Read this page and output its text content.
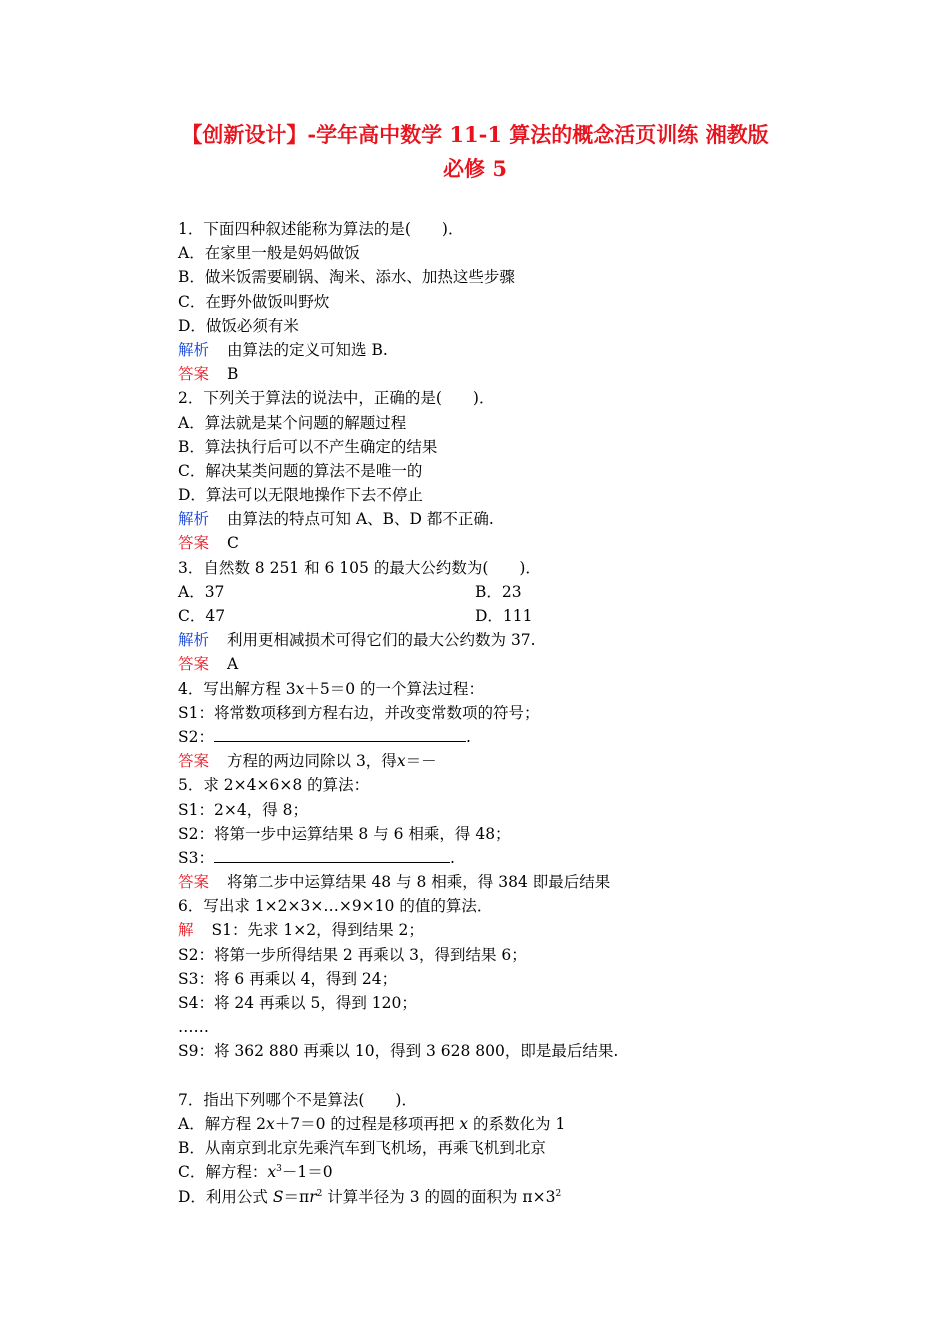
【创新设计】-学年高中数学 11-1 算法的概念活页训练 湘教版
必修 5
1．下面四种叙述能称为算法的是(　　)．
A．在家里一般是妈妈做饭
B．做米饭需要刷锅、淘米、添水、加热这些步骤
C．在野外做饭叫野炊
D．做饭必须有米
解析 由算法的定义可知选 B.
答案 B
2．下列关于算法的说法中，正确的是(　　)．
A．算法就是某个问题的解题过程
B．算法执行后可以不产生确定的结果
C．解决某类问题的算法不是唯一的
D．算法可以无限地操作下去不停止
解析 由算法的特点可知 A、B、D 都不正确.
答案 C
3．自然数 8 251 和 6 105 的最大公约数为(　　)．
A．37	B．23
C．47	D．111
解析 利用更相减损术可得它们的最大公约数为 37.
答案 A
4．写出解方程 3x＋5＝0 的一个算法过程：
S1：将常数项移到方程右边，并改变常数项的符号；
S2：	.
答案 方程的两边同除以 3，得x＝－
5．求 2×4×6×8 的算法：
S1：2×4，得 8；
S2：将第一步中运算结果 8 与 6 相乘，得 48；
S3：	.
答案 将第二步中运算结果 48 与 8 相乘，得 384 即最后结果
6．写出求 1×2×3×…×9×10 的值的算法．
解 S1：先求 1×2，得到结果 2；
S2：将第一步所得结果 2 再乘以 3，得到结果 6；
S3：将 6 再乘以 4，得到 24；
S4：将 24 再乘以 5，得到 120；
……
S9：将 362 880 再乘以 10，得到 3 628 800，即是最后结果.
7．指出下列哪个不是算法(　　)．
A．解方程 2x＋7＝0 的过程是移项再把 x 的系数化为 1
B．从南京到北京先乘汽车到飞机场，再乘飞机到北京
C．解方程：$x^3-1=0$
D．利用公式 $S=\pi r^2$ 计算半径为 3 的圆的面积为 $\pi\times 3^2$
